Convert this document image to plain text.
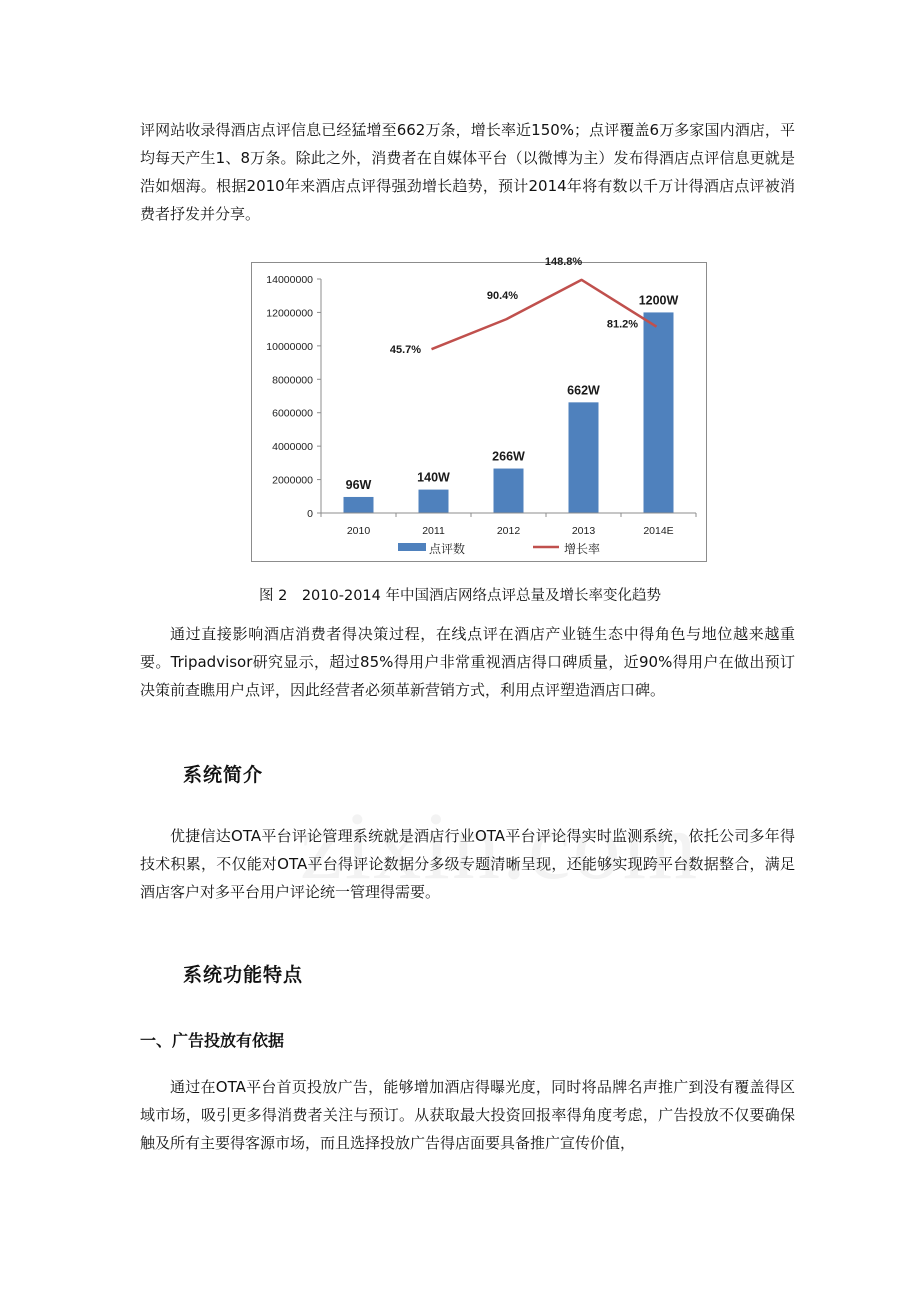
评网站收录得酒店点评信息已经猛增至662万条，增长率近150%；点评覆盖6万多家国内酒店，平均每天产生1、8万条。除此之外，消费者在自媒体平台（以微博为主）发布得酒店点评信息更就是浩如烟海。根据2010年来酒店点评得强劲增长趋势，预计2014年将有数以千万计得酒店点评被消费者抒发并分享。

0
2000000
4000000
6000000
8000000
10000000
12000000
14000000
96W
140W
266W
662W
1200W
45.7%
90.4%
148.8%
81.2%
2010	2011	2012	2013	2014E
点评数	增长率

图 2　2010-2014 年中国酒店网络点评总量及增长率变化趋势

通过直接影响酒店消费者得决策过程，在线点评在酒店产业链生态中得角色与地位越来越重要。Tripadvisor研究显示，超过85%得用户非常重视酒店得口碑质量，近90%得用户在做出预订决策前查瞧用户点评，因此经营者必须革新营销方式，利用点评塑造酒店口碑。

系统简介

优捷信达OTA平台评论管理系统就是酒店行业OTA平台评论得实时监测系统，依托公司多年得技术积累，不仅能对OTA平台得评论数据分多级专题清晰呈现，还能够实现跨平台数据整合，满足酒店客户对多平台用户评论统一管理得需要。

系统功能特点
一、广告投放有依据

通过在OTA平台首页投放广告，能够增加酒店得曝光度，同时将品牌名声推广到没有覆盖得区域市场，吸引更多得消费者关注与预订。从获取最大投资回报率得角度考虑，广告投放不仅要确保触及所有主要得客源市场，而且选择投放广告得店面要具备推广宣传价值，
